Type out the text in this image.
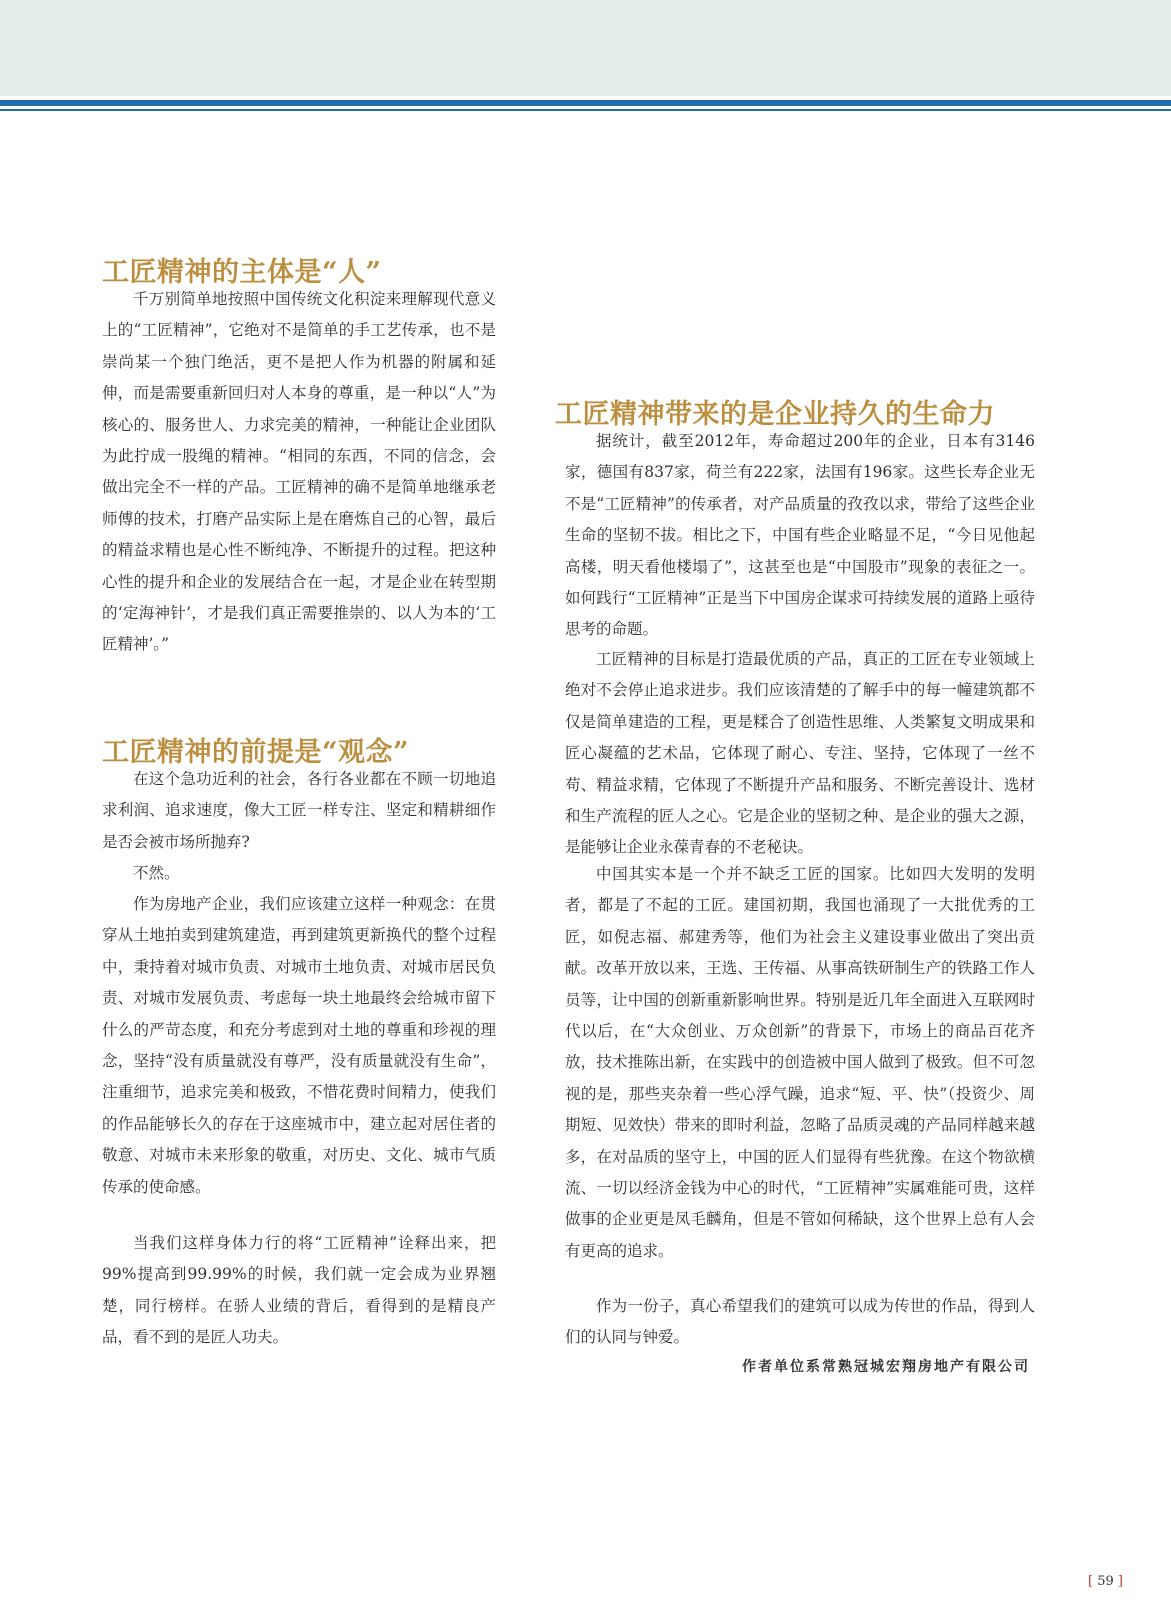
工匠精神的主体是“人”

千万别简单地按照中国传统文化积淀来理解现代意义上的“工匠精神”，它绝对不是简单的手工艺传承，也不是崇尚某一个独门绝活，更不是把人作为机器的附属和延伸，而是需要重新回归对人本身的尊重，是一种以“人”为核心的、服务世人、力求完美的精神，一种能让企业团队为此拧成一股绳的精神。“相同的东西，不同的信念，会做出完全不一样的产品。工匠精神的确不是简单地继承老师傅的技术，打磨产品实际上是在磨炼自己的心智，最后的精益求精也是心性不断纯净、不断提升的过程。把这种心性的提升和企业的发展结合在一起，才是企业在转型期的‘定海神针’，才是我们真正需要推崇的、以人为本的‘工匠精神’。”

工匠精神的前提是“观念”

在这个急功近利的社会，各行各业都在不顾一切地追求利润、追求速度，像大工匠一样专注、坚定和精耕细作是否会被市场所抛弃?

不然。

作为房地产企业，我们应该建立这样一种观念：在贯穿从土地拍卖到建筑建造，再到建筑更新换代的整个过程中，秉持着对城市负责、对城市土地负责、对城市居民负责、对城市发展负责、考虑每一块土地最终会给城市留下什么的严苛态度，和充分考虑到对土地的尊重和珍视的理念，坚持“没有质量就没有尊严，没有质量就没有生命”，注重细节，追求完美和极致，不惜花费时间精力，使我们的作品能够长久的存在于这座城市中，建立起对居住者的敬意、对城市未来形象的敬重，对历史、文化、城市气质传承的使命感。

当我们这样身体力行的将“工匠精神”诠释出来，把99%提高到99.99%的时候，我们就一定会成为业界翘楚，同行榜样。在骄人业绩的背后，看得到的是精良产品，看不到的是匠人功夫。

工匠精神带来的是企业持久的生命力

据统计，截至2012年，寿命超过200年的企业，日本有3146家，德国有837家，荷兰有222家，法国有196家。这些长寿企业无不是“工匠精神”的传承者，对产品质量的孜孜以求，带给了这些企业生命的坚韧不拔。相比之下，中国有些企业略显不足，“今日见他起高楼，明天看他楼塌了”，这甚至也是“中国股市”现象的表征之一。如何践行“工匠精神”正是当下中国房企谋求可持续发展的道路上亟待思考的命题。

工匠精神的目标是打造最优质的产品，真正的工匠在专业领域上绝对不会停止追求进步。我们应该清楚的了解手中的每一幢建筑都不仅是简单建造的工程，更是糅合了创造性思维、人类繁复文明成果和匠心凝蕴的艺术品，它体现了耐心、专注、坚持，它体现了一丝不苟、精益求精，它体现了不断提升产品和服务、不断完善设计、选材和生产流程的匠人之心。它是企业的坚韧之种、是企业的强大之源，是能够让企业永葆青春的不老秘诀。

中国其实本是一个并不缺乏工匠的国家。比如四大发明的发明者，都是了不起的工匠。建国初期，我国也涌现了一大批优秀的工匠，如倪志福、郝建秀等，他们为社会主义建设事业做出了突出贡献。改革开放以来，王选、王传福、从事高铁研制生产的铁路工作人员等，让中国的创新重新影响世界。特别是近几年全面进入互联网时代以后，在“大众创业、万众创新”的背景下，市场上的商品百花齐放，技术推陈出新，在实践中的创造被中国人做到了极致。但不可忽视的是，那些夹杂着一些心浮气躁，追求“短、平、快”（投资少、周期短、见效快）带来的即时利益，忽略了品质灵魂的产品同样越来越多，在对品质的坚守上，中国的匠人们显得有些犹豫。在这个物欲横流、一切以经济金钱为中心的时代，“工匠精神”实属难能可贵，这样做事的企业更是凤毛麟角，但是不管如何稀缺，这个世界上总有人会有更高的追求。

作为一份子，真心希望我们的建筑可以成为传世的作品，得到人们的认同与钟爱。

作者单位系常熟冠城宏翔房地产有限公司
[ 59 ]
